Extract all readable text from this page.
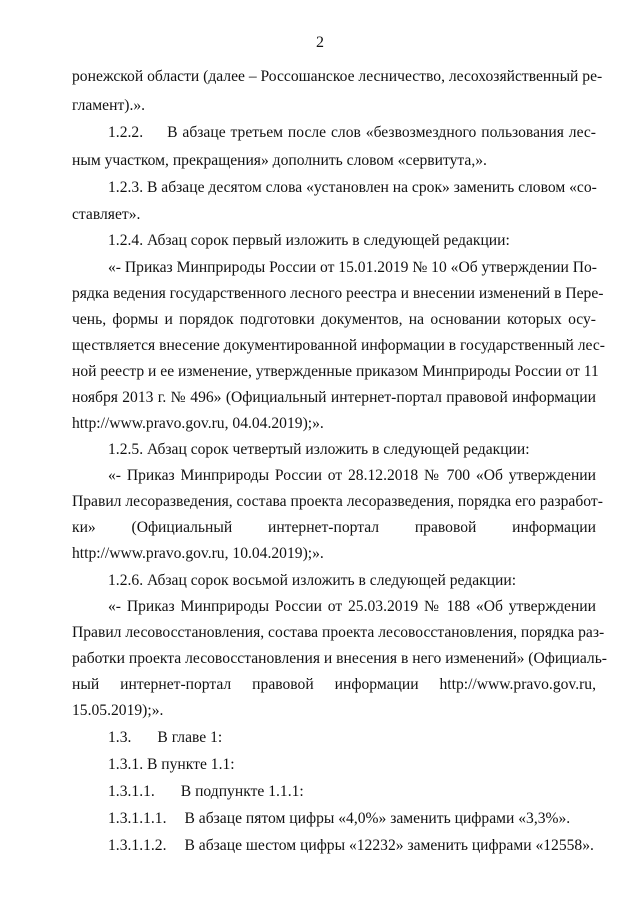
2
ронежской области (далее – Россошанское лесничество, лесохозяйственный ре-
гламент).».
1.2.2. В абзаце третьем после слов «безвозмездного пользования лес-
ным участком, прекращения» дополнить словом «сервитута,».
1.2.3. В абзаце десятом слова «установлен на срок» заменить словом «со-
ставляет».
1.2.4. Абзац сорок первый изложить в следующей редакции:
«- Приказ Минприроды России от 15.01.2019 № 10 «Об утверждении По-
рядка ведения государственного лесного реестра и внесении изменений в Пере-
чень, формы и порядок подготовки документов, на основании которых осу-
ществляется внесение документированной информации в государственный лес-
ной реестр и ее изменение, утвержденные приказом Минприроды России от 11
ноября 2013 г. № 496» (Официальный интернет-портал правовой информации
http://www.pravo.gov.ru, 04.04.2019);».
1.2.5. Абзац сорок четвертый изложить в следующей редакции:
«- Приказ Минприроды России от 28.12.2018 № 700 «Об утверждении
Правил лесоразведения, состава проекта лесоразведения, порядка его разработ-
ки» (Официальный интернет-портал правовой информации
http://www.pravo.gov.ru, 10.04.2019);».
1.2.6. Абзац сорок восьмой изложить в следующей редакции:
«- Приказ Минприроды России от 25.03.2019 № 188 «Об утверждении
Правил лесовосстановления, состава проекта лесовосстановления, порядка раз-
работки проекта лесовосстановления и внесения в него изменений» (Официаль-
ный интернет-портал правовой информации http://www.pravo.gov.ru,
15.05.2019);».
1.3. В главе 1:
1.3.1. В пункте 1.1:
1.3.1.1. В подпункте 1.1.1:
1.3.1.1.1. В абзаце пятом цифры «4,0%» заменить цифрами «3,3%».
1.3.1.1.2. В абзаце шестом цифры «12232» заменить цифрами «12558».
